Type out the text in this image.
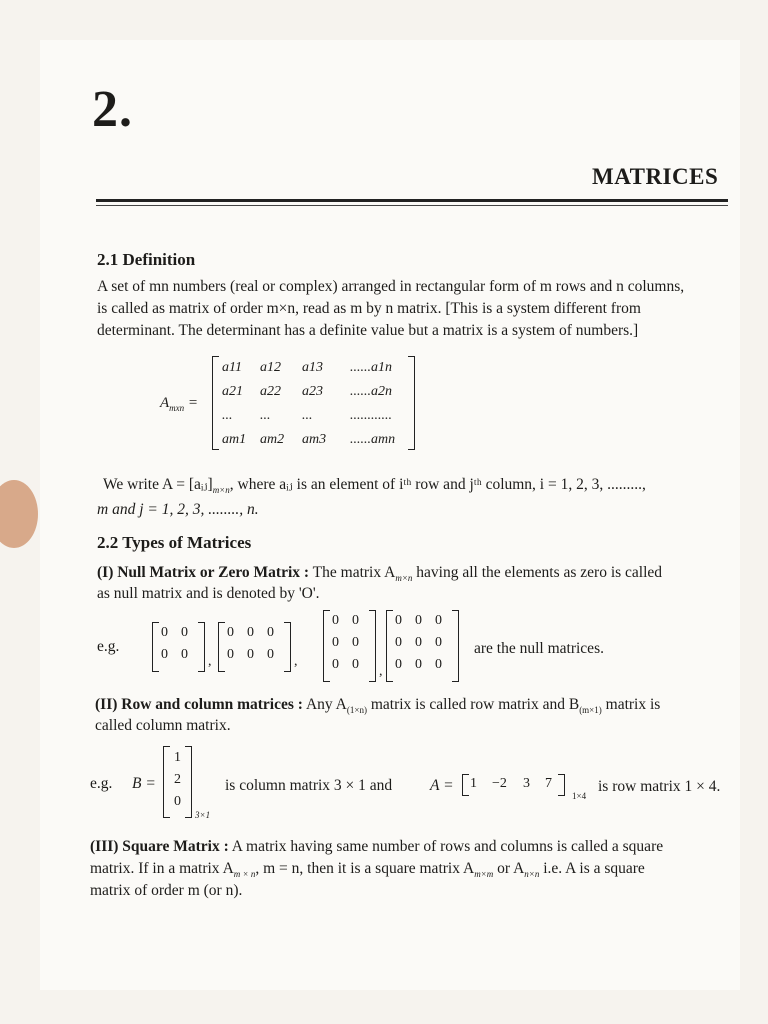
2.
MATRICES
2.1 Definition
A set of mn numbers (real or complex) arranged in rectangular form of m rows and n columns,
is called as matrix of order m×n, read as m by n matrix. [This is a system different from
determinant. The determinant has a definite value but a matrix is a system of numbers.]
$A_{mxn}$ =
a11 a12 a13 ......a1n
a21 a22 a23 ......a2n
... ... ...	............
am1 am2 am3 ......amn
We write $A = [aᵢⱼ]_{m\times n}$, where aᵢⱼ is an element of iᵗʰ row and jᵗʰ column, i = 1, 2, 3, .........,
m and j = 1, 2, 3, ........, n.
2.2 Types of Matrices
(I) Null Matrix or Zero Matrix : The matrix $A_{m\times n}$ having all the elements as zero is called
as null matrix and is denoted by 'O'.
e.g.
0 0
0 0 ,
0 0 0
0 0 0 ,
0 0
0 0
0 0 ,
0 0 0
0 0 0
0 0 0
are the null matrices.
(II) Row and column matrices : Any $A_{(1\times n)}$ matrix is called row matrix and $B_{(m\times 1)}$ matrix is
called column matrix.
e.g. B =
1
2
0
3×1
is column matrix 3 × 1 and A = 1 −2 3 7
1×4
is row matrix 1 × 4.
(III) Square Matrix : A matrix having same number of rows and columns is called a square
matrix. If in a matrix $A_{m \times n}$, m = n, then it is a square matrix $A_{m\times m}$ or $A_{n\times n}$ i.e. A is a square
matrix of order m (or n).
